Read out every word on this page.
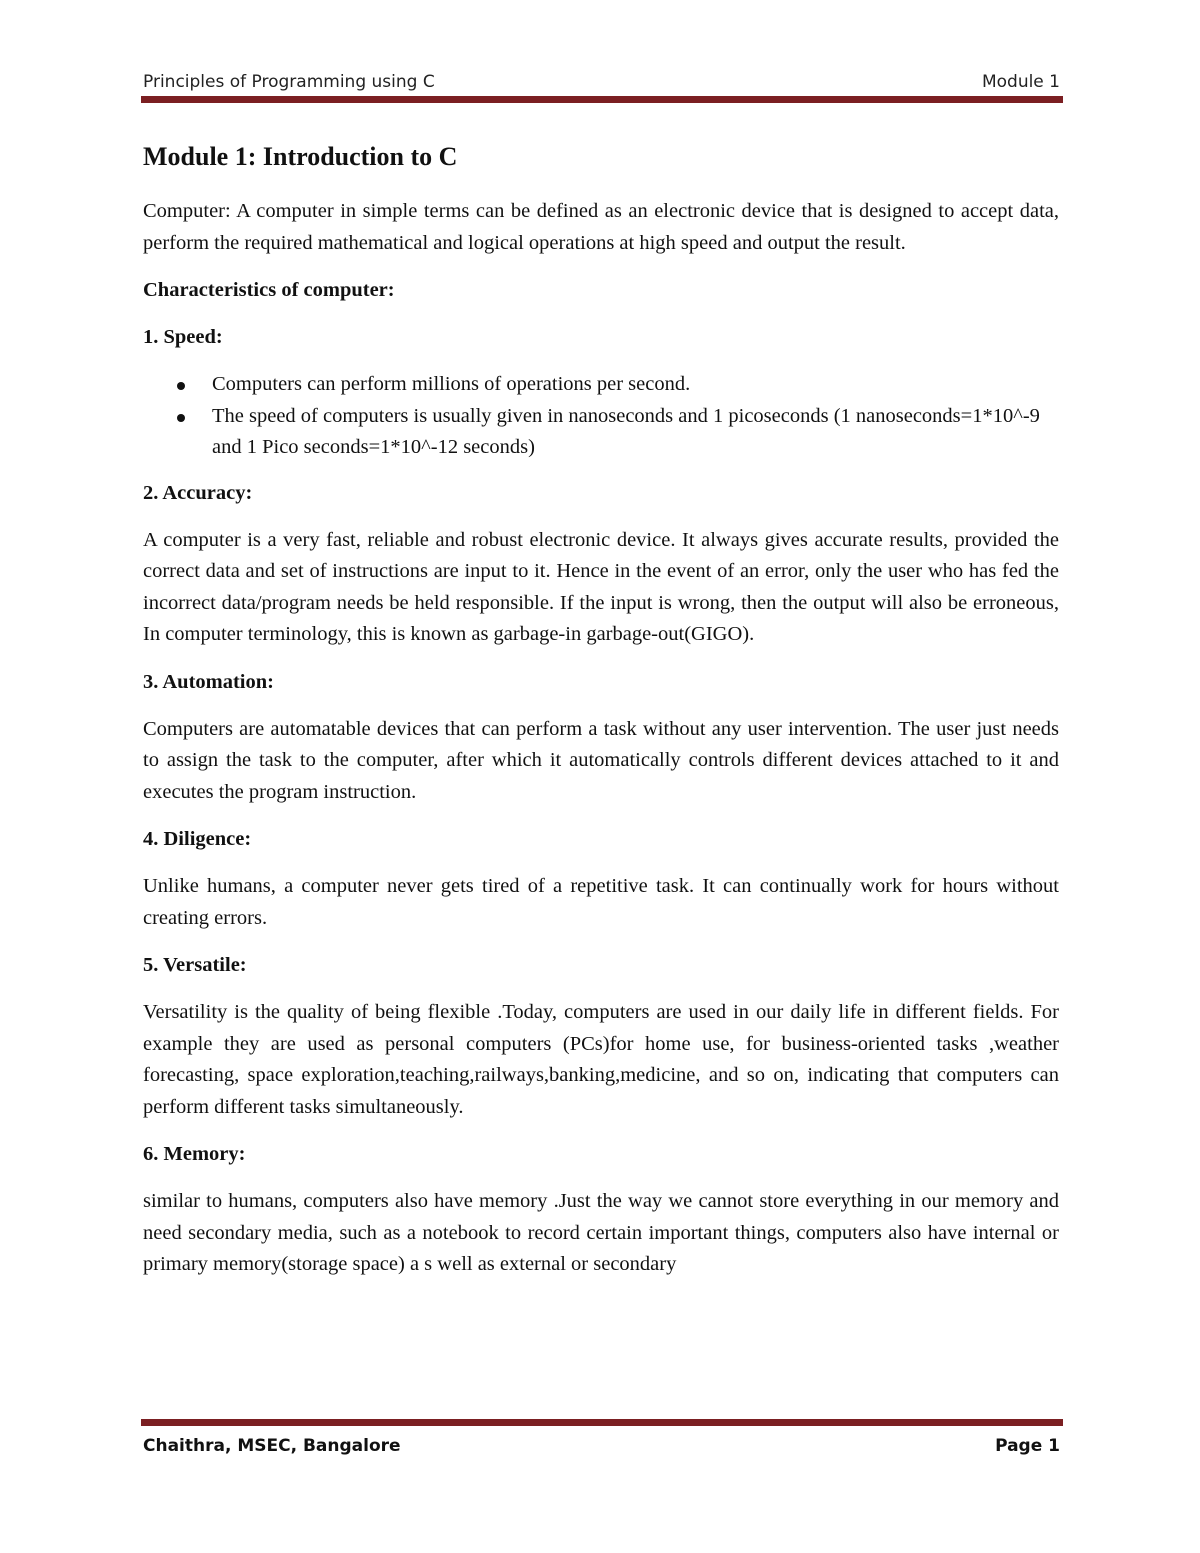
Principles of Programming using C	Module 1
Module 1: Introduction to C

Computer: A computer in simple terms can be defined as an electronic device that is designed to accept data, perform the required mathematical and logical operations at high speed and output the result.

Characteristics of computer:
1. Speed:
Computers can perform millions of operations per second.
The speed of computers is usually given in nanoseconds and 1 picoseconds (1 nanoseconds=1*10^-9 and 1 Pico seconds=1*10^-12 seconds)
2. Accuracy:

A computer is a very fast, reliable and robust electronic device. It always gives accurate results, provided the correct data and set of instructions are input to it. Hence in the event of an error, only the user who has fed the incorrect data/program needs be held responsible. If the input is wrong, then the output will also be erroneous, In computer terminology, this is known as garbage-in garbage-out(GIGO).

3. Automation:

Computers are automatable devices that can perform a task without any user intervention. The user just needs to assign the task to the computer, after which it automatically controls different devices attached to it and executes the program instruction.

4. Diligence:

Unlike humans, a computer never gets tired of a repetitive task. It can continually work for hours without creating errors.

5. Versatile:

Versatility is the quality of being flexible .Today, computers are used in our daily life in different fields. For example they are used as personal computers (PCs)for home use, for business-oriented tasks ,weather forecasting, space exploration,teaching,railways,banking,medicine, and so on, indicating that computers can perform different tasks simultaneously.

6. Memory:

similar to humans, computers also have memory .Just the way we cannot store everything in our memory and need secondary media, such as a notebook to record certain important things, computers also have internal or primary memory(storage space) a s well as external or secondary

Chaithra, MSEC, Bangalore	Page 1
